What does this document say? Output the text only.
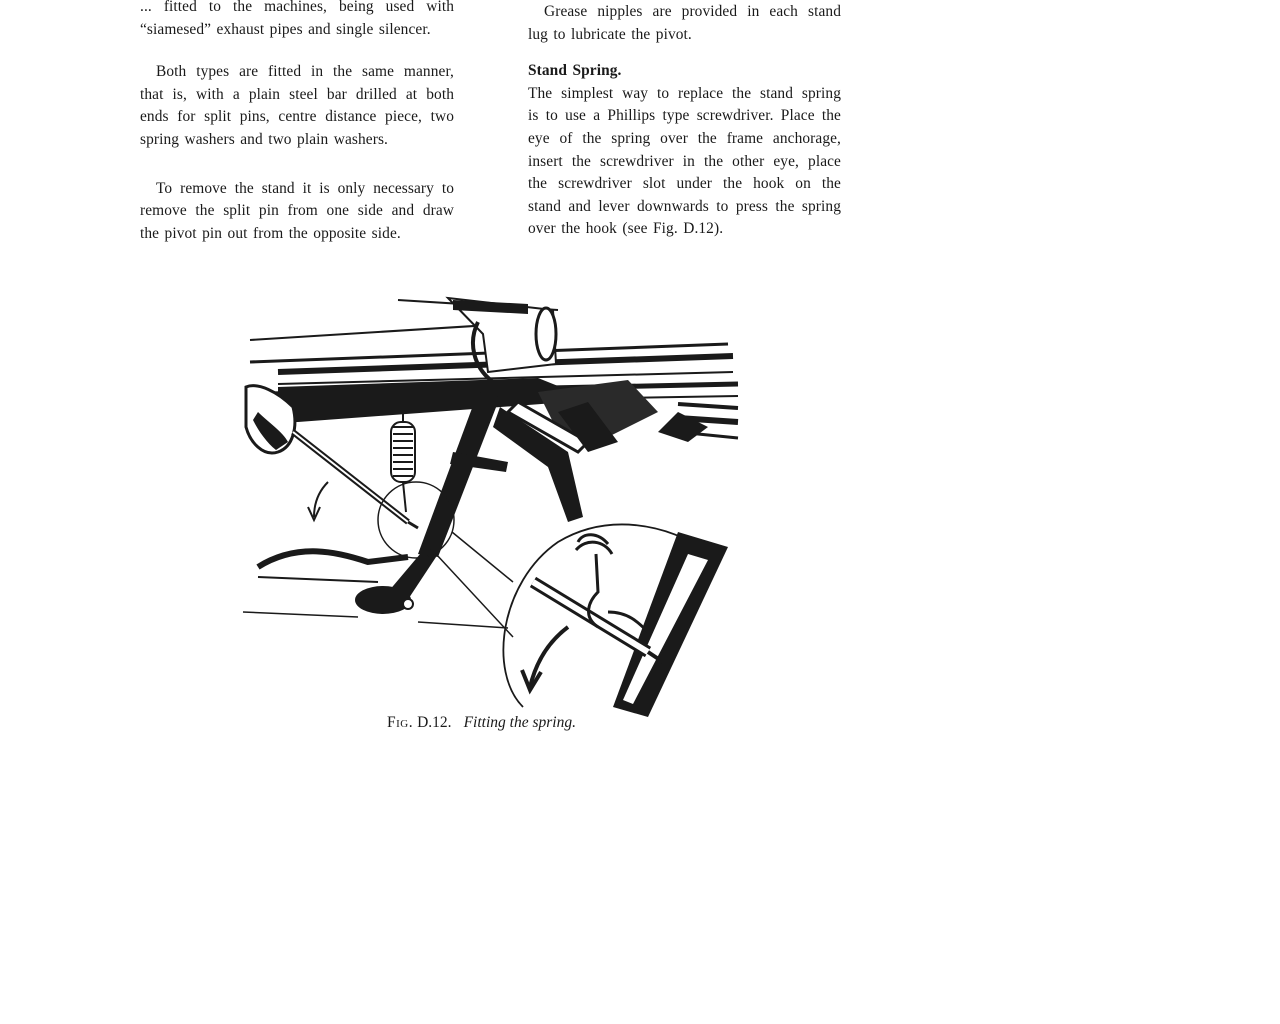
... fitted to the machines, being used with

“siamesed” exhaust pipes and single silencer.

Both types are fitted in the same manner,

that is, with a plain steel bar drilled at both

ends for split pins, centre distance piece, two

spring washers and two plain washers.

To remove the stand it is only necessary to

remove the split pin from one side and draw

the pivot pin out from the opposite side.

Grease nipples are provided in each stand

lug to lubricate the pivot.

Stand Spring.

The simplest way to replace the stand spring

is to use a Phillips type screwdriver. Place the

eye of the spring over the frame anchorage,

insert the screwdriver in the other eye, place

the screwdriver slot under the hook on the

stand and lever downwards to press the spring

over the hook (see Fig. D.12).

Fig. D.12. Fitting the spring.
